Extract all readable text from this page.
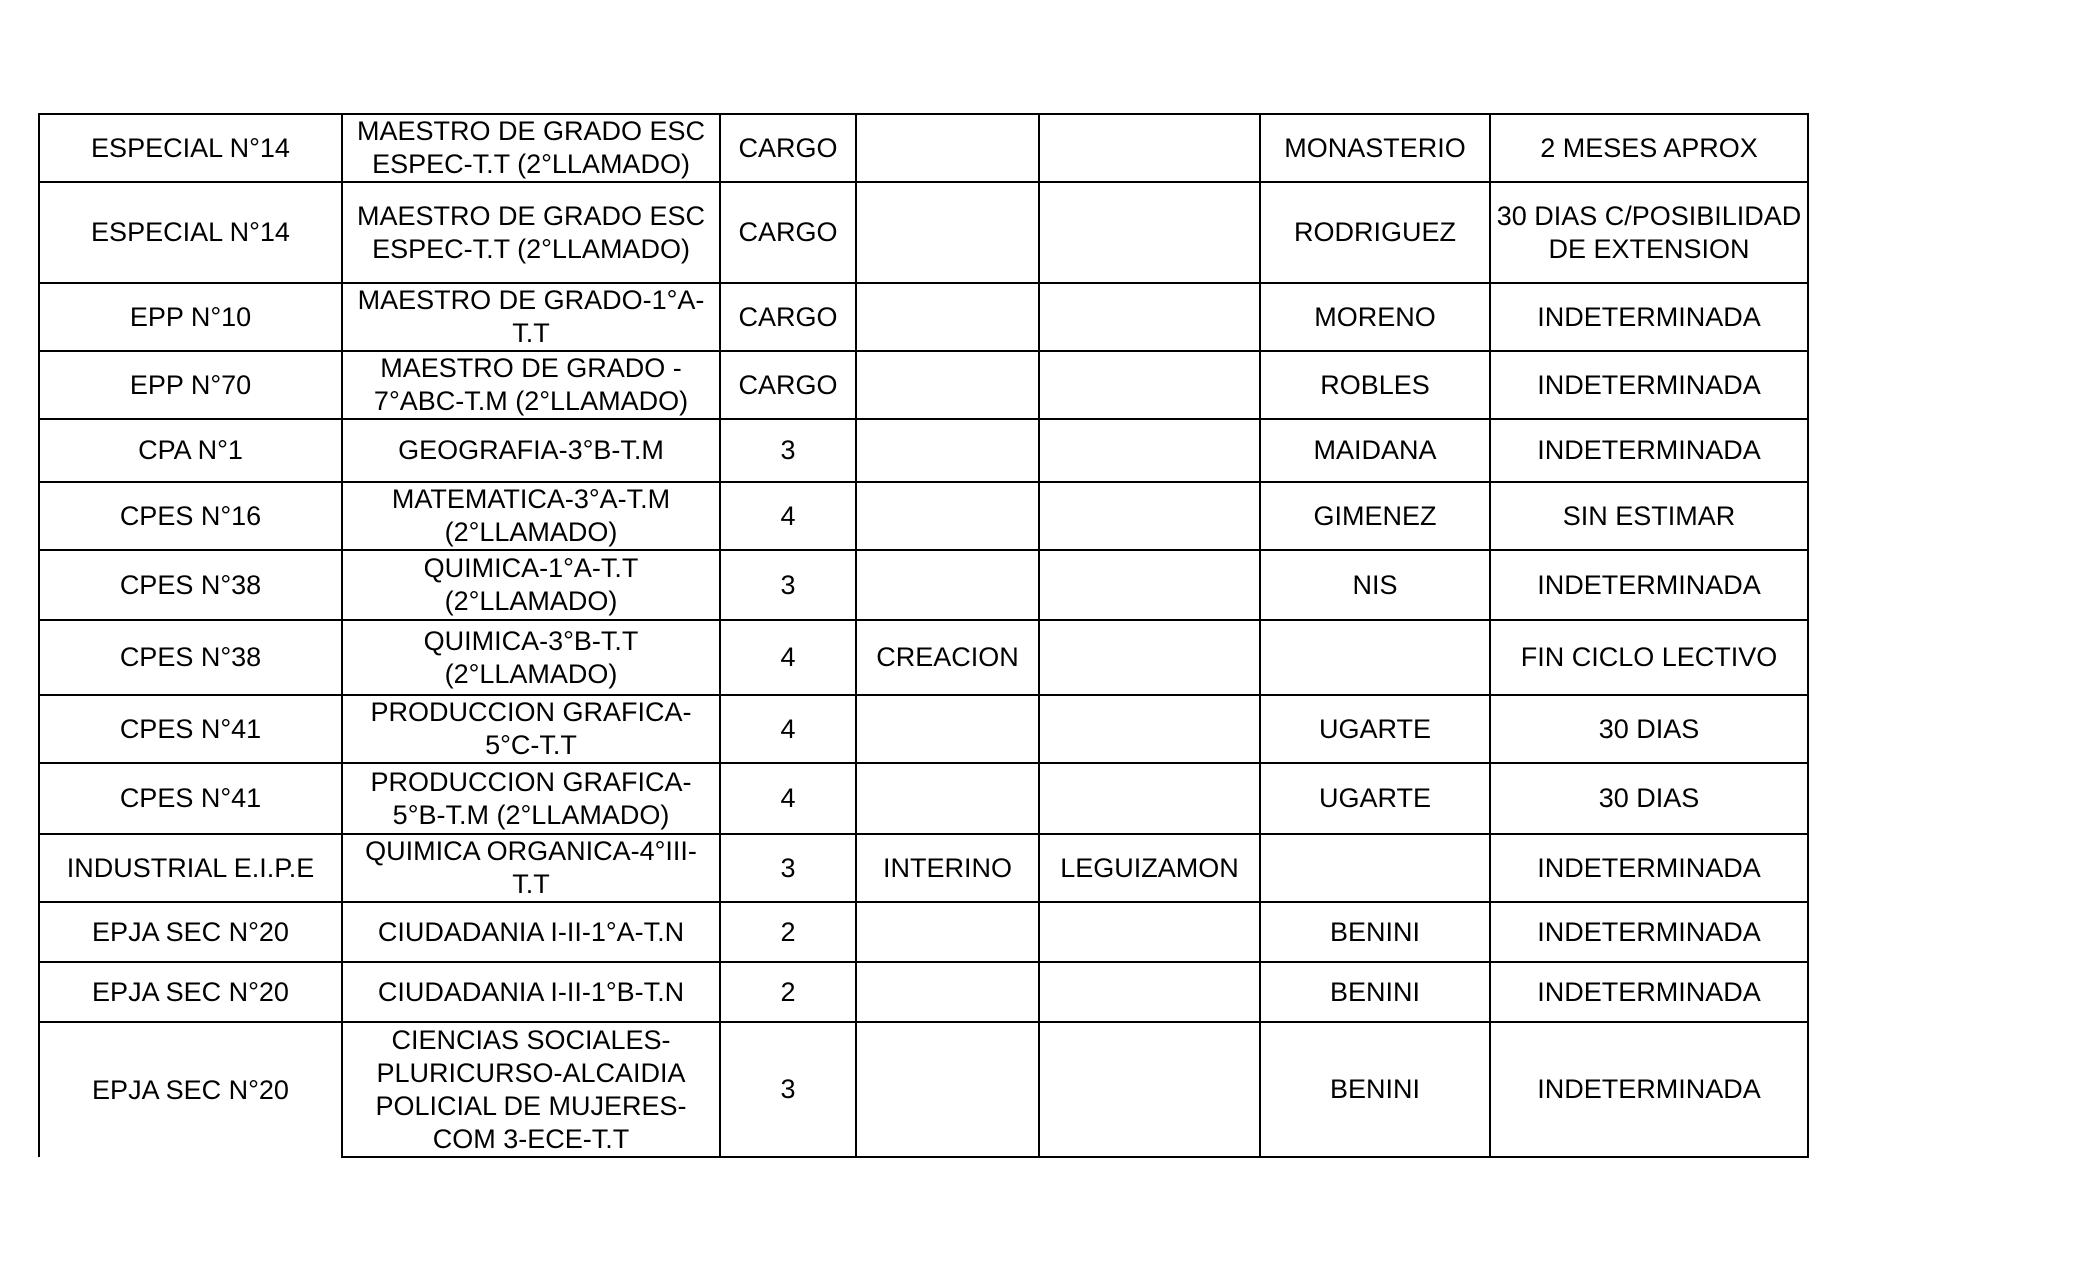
ESPECIAL N°14	MAESTRO DE GRADO ESC ESPEC-T.T (2°LLAMADO)	CARGO			MONASTERIO	2 MESES APROX
ESPECIAL N°14	MAESTRO DE GRADO ESC ESPEC-T.T (2°LLAMADO)	CARGO			RODRIGUEZ	30 DIAS C/POSIBILIDAD DE EXTENSION
EPP N°10	MAESTRO DE GRADO-1°A-T.T	CARGO			MORENO	INDETERMINADA
EPP N°70	MAESTRO DE GRADO - 7°ABC-T.M (2°LLAMADO)	CARGO			ROBLES	INDETERMINADA
CPA N°1	GEOGRAFIA-3°B-T.M	3			MAIDANA	INDETERMINADA
CPES N°16	MATEMATICA-3°A-T.M (2°LLAMADO)	4			GIMENEZ	SIN ESTIMAR
CPES N°38	QUIMICA-1°A-T.T (2°LLAMADO)	3			NIS	INDETERMINADA
CPES N°38	QUIMICA-3°B-T.T (2°LLAMADO)	4	CREACION			FIN CICLO LECTIVO
CPES N°41	PRODUCCION GRAFICA-5°C-T.T	4			UGARTE	30 DIAS
CPES N°41	PRODUCCION GRAFICA-5°B-T.M (2°LLAMADO)	4			UGARTE	30 DIAS
INDUSTRIAL E.I.P.E	QUIMICA ORGANICA-4°III-T.T	3	INTERINO	LEGUIZAMON		INDETERMINADA
EPJA SEC N°20	CIUDADANIA I-II-1°A-T.N	2			BENINI	INDETERMINADA
EPJA SEC N°20	CIUDADANIA I-II-1°B-T.N	2			BENINI	INDETERMINADA
EPJA SEC N°20	CIENCIAS SOCIALES-PLURICURSO-ALCAIDIA POLICIAL DE MUJERES-COM 3-ECE-T.T	3			BENINI	INDETERMINADA
